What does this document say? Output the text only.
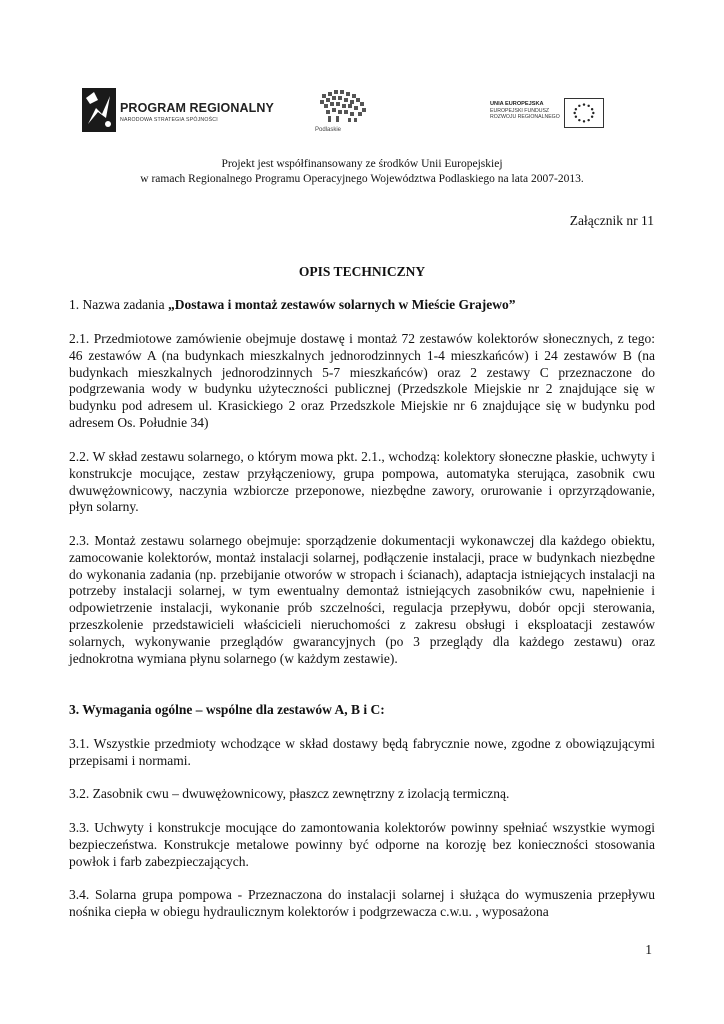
PROGRAM REGIONALNY
NARODOWA STRATEGIA SPÓJNOŚCI
Podlaskie
UNIA EUROPEJSKA
EUROPEJSKI FUNDUSZ
ROZWOJU REGIONALNEGO
Projekt jest współfinansowany ze środków Unii Europejskiej
w ramach Regionalnego Programu Operacyjnego Województwa Podlaskiego na lata 2007-2013.
Załącznik nr 11
OPIS TECHNICZNY

1. Nazwa zadania „Dostawa i montaż zestawów solarnych w Mieście Grajewo”

2.1. Przedmiotowe zamówienie obejmuje dostawę i montaż 72 zestawów kolektorów słonecznych, z tego: 46 zestawów A (na budynkach mieszkalnych jednorodzinnych 1-4 mieszkańców) i 24 zestawów B (na budynkach mieszkalnych jednorodzinnych 5-7 mieszkańców) oraz 2 zestawy C przeznaczone do podgrzewania wody w budynku użyteczności publicznej (Przedszkole Miejskie nr 2 znajdujące się w budynku pod adresem ul. Krasickiego 2 oraz Przedszkole Miejskie nr 6 znajdujące się w budynku pod adresem Os. Południe 34)

2.2. W skład zestawu solarnego, o którym mowa pkt. 2.1., wchodzą: kolektory słoneczne płaskie, uchwyty i konstrukcje mocujące, zestaw przyłączeniowy, grupa pompowa, automatyka sterująca, zasobnik cwu dwuwężownicowy, naczynia wzbiorcze przeponowe, niezbędne zawory, orurowanie i oprzyrządowanie, płyn solarny.

2.3. Montaż zestawu solarnego obejmuje: sporządzenie dokumentacji wykonawczej dla każdego obiektu, zamocowanie kolektorów, montaż instalacji solarnej, podłączenie instalacji, prace w budynkach niezbędne do wykonania zadania (np. przebijanie otworów w stropach i ścianach), adaptacja istniejących instalacji na potrzeby instalacji solarnej, w tym ewentualny demontaż istniejących zasobników cwu, napełnienie i odpowietrzenie instalacji, wykonanie prób szczelności, regulacja przepływu, dobór opcji sterowania, przeszkolenie przedstawicieli właścicieli nieruchomości z zakresu obsługi i eksploatacji zestawów solarnych, wykonywanie przeglądów gwarancyjnych (po 3 przeglądy dla każdego zestawu) oraz jednokrotna wymiana płynu solarnego (w każdym zestawie).

3. Wymagania ogólne – wspólne dla zestawów A, B i C:

3.1. Wszystkie przedmioty wchodzące w skład dostawy będą fabrycznie nowe, zgodne z obowiązującymi przepisami i normami.

3.2. Zasobnik cwu – dwuwężownicowy, płaszcz zewnętrzny z izolacją termiczną.

3.3. Uchwyty i konstrukcje mocujące do zamontowania kolektorów powinny spełniać wszystkie wymogi bezpieczeństwa. Konstrukcje metalowe powinny być odporne na korozję bez konieczności stosowania powłok i farb zabezpieczających.

3.4. Solarna grupa pompowa - Przeznaczona do instalacji solarnej i służąca do wymuszenia przepływu nośnika ciepła w obiegu hydraulicznym kolektorów i podgrzewacza c.w.u. , wyposażona

1
